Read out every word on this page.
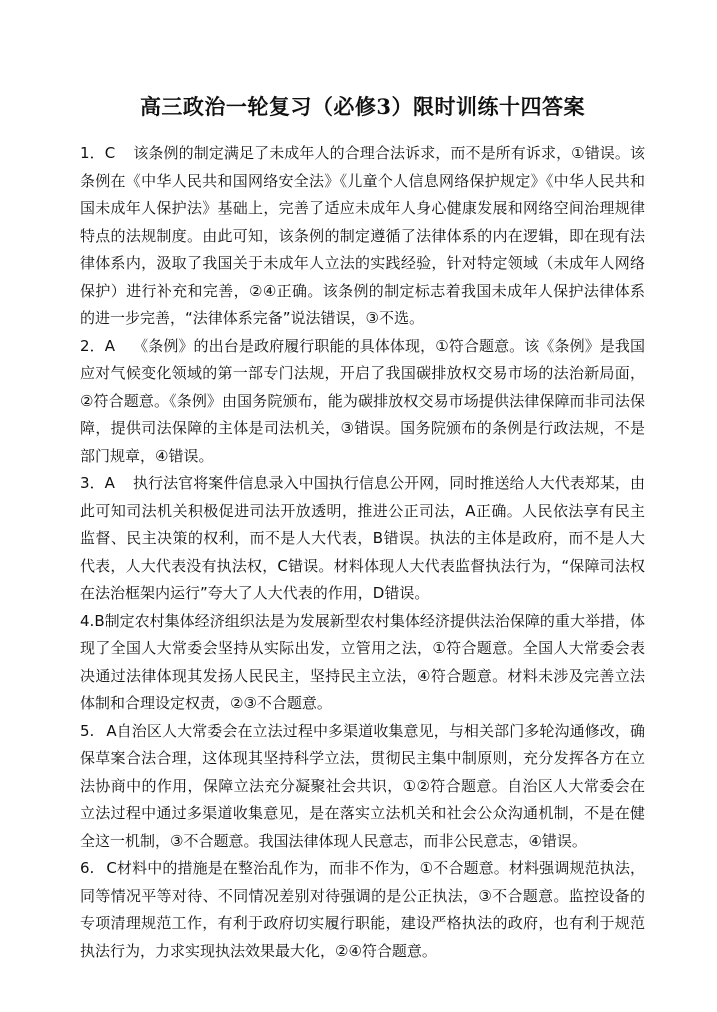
高三政治一轮复习（必修3）限时训练十四答案

1．C 该条例的制定满足了未成年人的合理合法诉求，而不是所有诉求，①错误。该条例在《中华人民共和国网络安全法》《儿童个人信息网络保护规定》《中华人民共和国未成年人保护法》基础上，完善了适应未成年人身心健康发展和网络空间治理规律特点的法规制度。由此可知，该条例的制定遵循了法律体系的内在逻辑，即在现有法律体系内，汲取了我国关于未成年人立法的实践经验，针对特定领域（未成年人网络保护）进行补充和完善，②④正确。该条例的制定标志着我国未成年人保护法律体系的进一步完善，“法律体系完备”说法错误，③不选。

2．A 《条例》的出台是政府履行职能的具体体现，①符合题意。该《条例》是我国应对气候变化领域的第一部专门法规，开启了我国碳排放权交易市场的法治新局面，②符合题意。《条例》由国务院颁布，能为碳排放权交易市场提供法律保障而非司法保障，提供司法保障的主体是司法机关，③错误。国务院颁布的条例是行政法规，不是部门规章，④错误。

3．A 执行法官将案件信息录入中国执行信息公开网，同时推送给人大代表郑某，由此可知司法机关积极促进司法开放透明，推进公正司法，A正确。人民依法享有民主监督、民主决策的权利，而不是人大代表，B错误。执法的主体是政府，而不是人大代表，人大代表没有执法权，C错误。材料体现人大代表监督执法行为，“保障司法权在法治框架内运行”夸大了人大代表的作用，D错误。

4.B制定农村集体经济组织法是为发展新型农村集体经济提供法治保障的重大举措，体现了全国人大常委会坚持从实际出发，立管用之法，①符合题意。全国人大常委会表决通过法律体现其发扬人民民主，坚持民主立法，④符合题意。材料未涉及完善立法体制和合理设定权责，②③不合题意。

5. A自治区人大常委会在立法过程中多渠道收集意见，与相关部门多轮沟通修改，确保草案合法合理，这体现其坚持科学立法，贯彻民主集中制原则，充分发挥各方在立法协商中的作用，保障立法充分凝聚社会共识，①②符合题意。自治区人大常委会在立法过程中通过多渠道收集意见，是在落实立法机关和社会公众沟通机制，不是在健全这一机制，③不合题意。我国法律体现人民意志，而非公民意志，④错误。

6. C材料中的措施是在整治乱作为，而非不作为，①不合题意。材料强调规范执法，同等情况平等对待、不同情况差别对待强调的是公正执法，③不合题意。监控设备的专项清理规范工作，有利于政府切实履行职能，建设严格执法的政府，也有利于规范执法行为，力求实现执法效果最大化，②④符合题意。
